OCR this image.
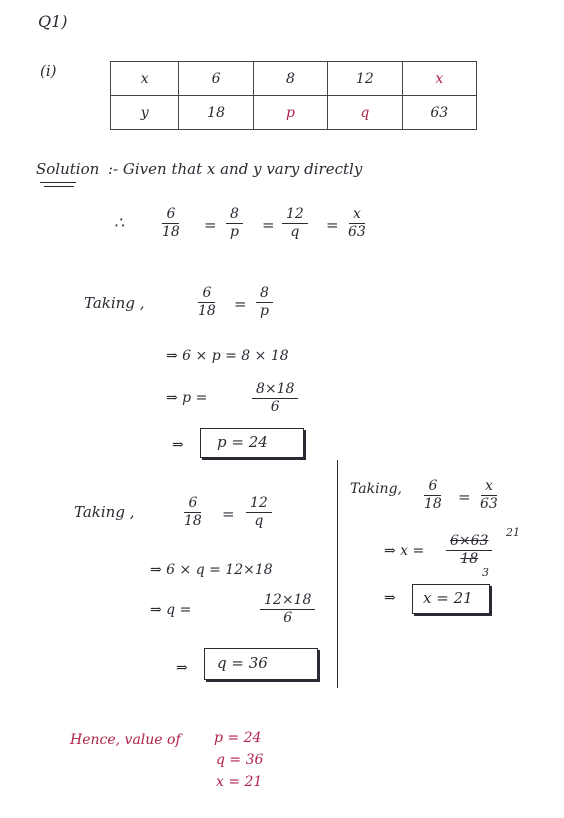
Q1)
(i)	x	6	8	12	x
y	18	p	q	63
Solution :- Given that x and y vary directly
∴ $\frac{6}{18} = \frac{8}{p} = \frac{12}{q} = \frac{x}{63}$
Taking ,	$\frac{6}{18} = \frac{8}{p}$
⇒ 6 × p = 8 × 18
⇒ p =	$\frac{8\times 18}{6}$
⇒ p = 24
Taking ,	$\frac{6}{18} = \frac{12}{q}$
⇒ 6 × q = 12×18
⇒ q =	$\frac{12\times 18}{6}$
⇒ q = 36
Taking, $\frac{6}{18} = \frac{x}{63}$
⇒ $x = \frac{6\times 63}{18}$
21
3
⇒ x = 21
Hence, value of p = 24
q = 36
x = 21
